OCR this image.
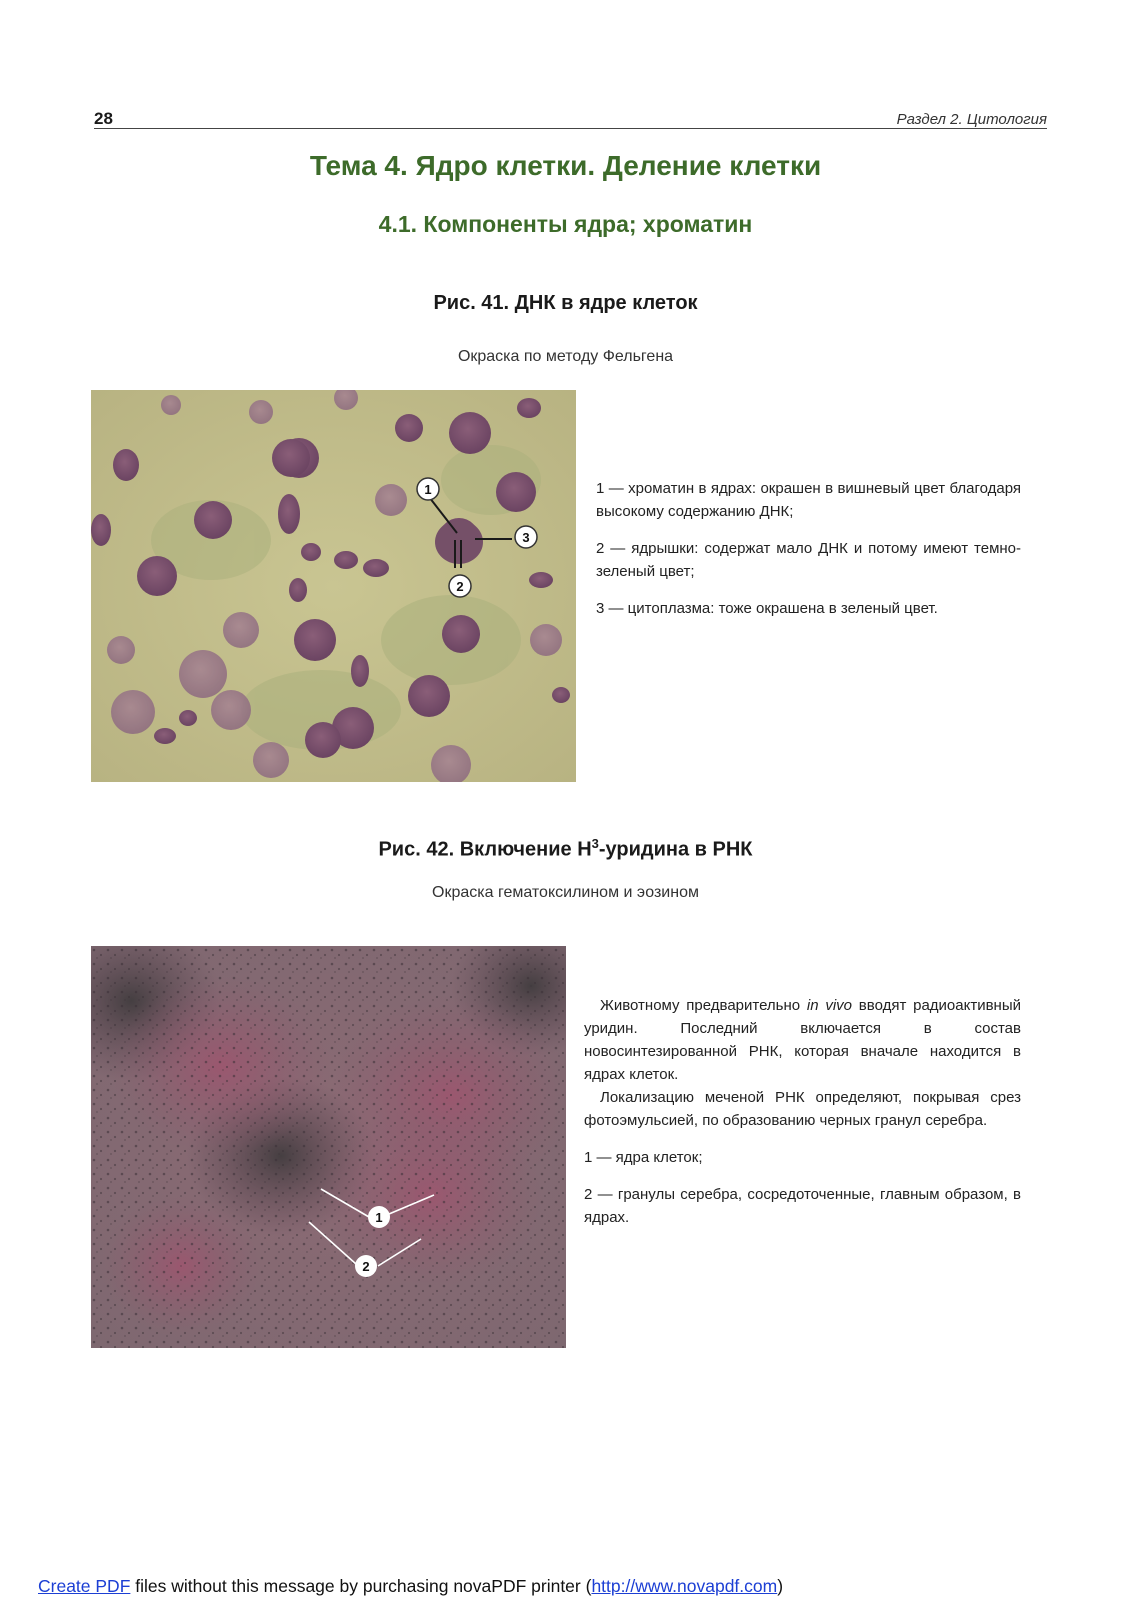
28	Раздел 2. Цитология
Тема 4. Ядро клетки. Деление клетки
4.1. Компоненты ядра; хроматин
Рис. 41. ДНК в ядре клеток
Окраска по методу Фельгена
1
3
2

1 — хроматин в ядрах: окрашен в вишневый цвет благодаря высокому содержанию ДНК;

2 — ядрышки: содержат мало ДНК и потому имеют темно-зеленый цвет;

3 — цитоплазма: тоже окрашена в зеленый цвет.

Рис. 42. Включение $Н^3$-уридина в РНК
Окраска гематоксилином и эозином
1
2
Животному предварительно in vivo вводят радиоактивный уридин. Последний включается в состав новосинтезированной РНК, которая вначале находится в ядрах клеток.
Локализацию меченой РНК определяют, покрывая срез фотоэмульсией, по образованию черных гранул серебра.

1 — ядра клеток;

2 — гранулы серебра, сосредоточенные, главным образом, в ядрах.

Create PDF files without this message by purchasing novaPDF printer (http://www.novapdf.com)
